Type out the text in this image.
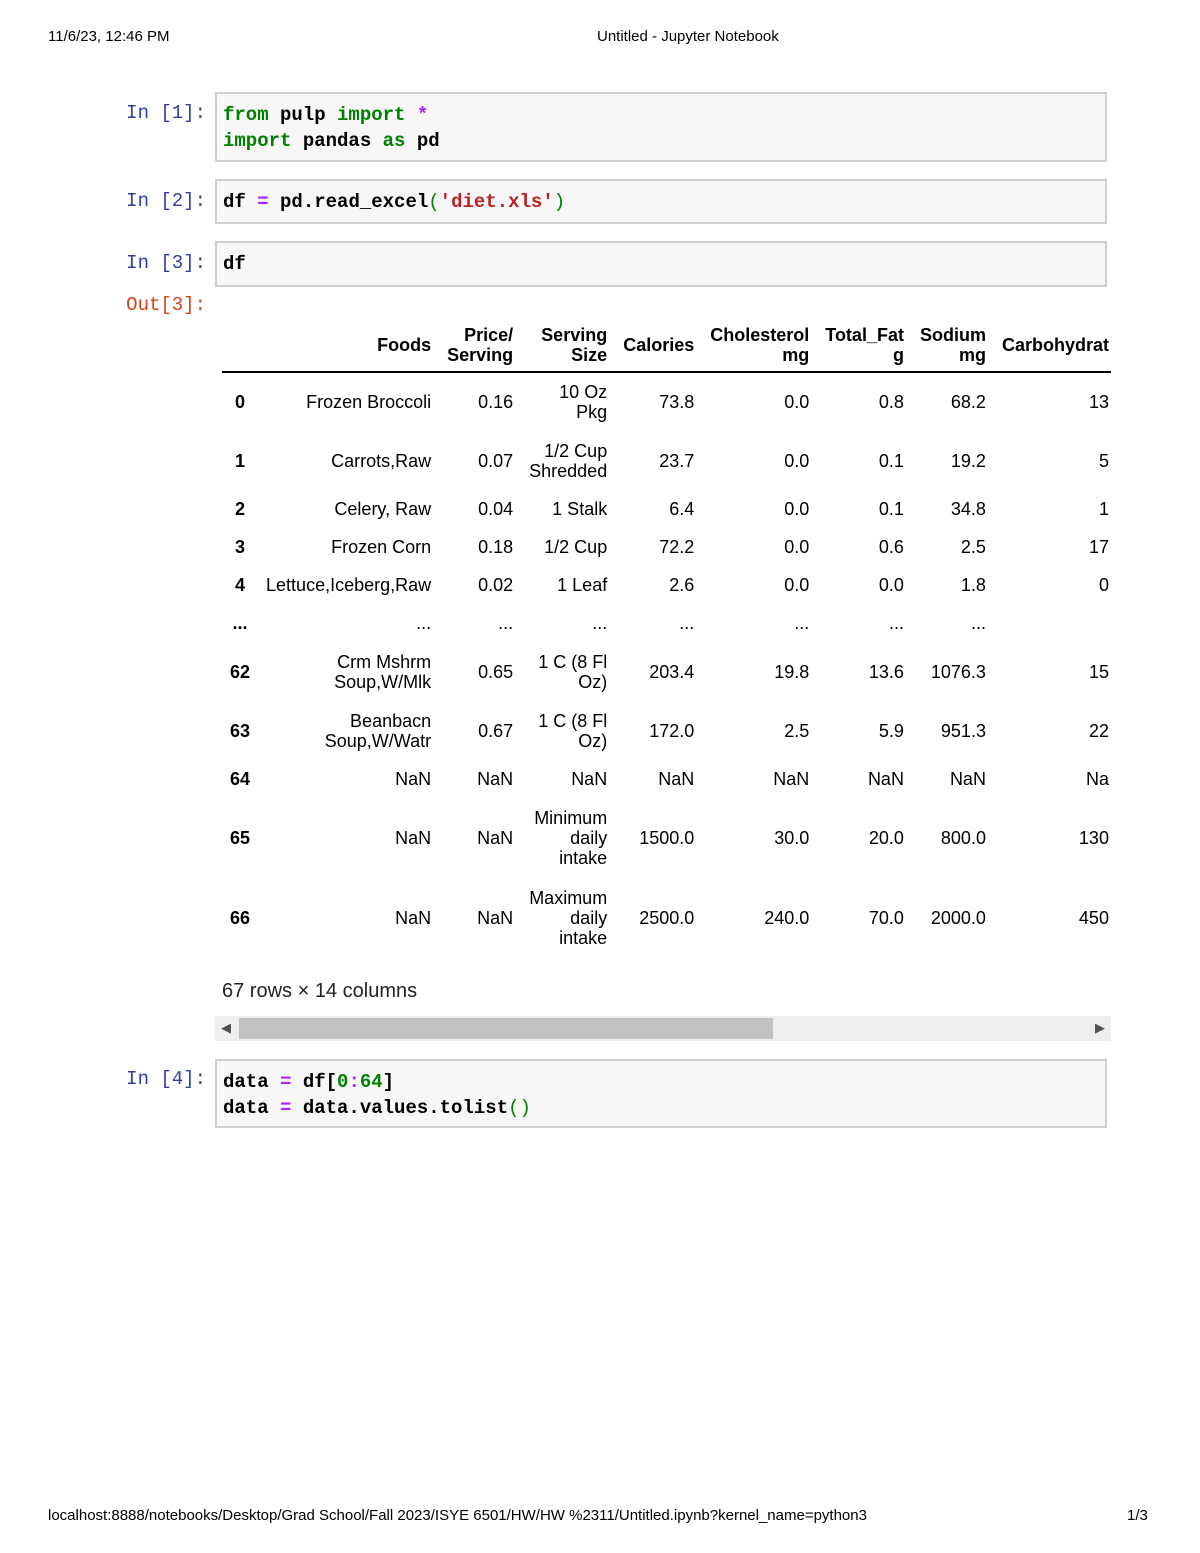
11/6/23, 12:46 PM	Untitled - Jupyter Notebook
In [1]: from pulp import *
import pandas as pd
In [2]: df = pd.read_excel('diet.xls')
In [3]: df
Out[3]:
	Foods	Price/ Serving	Serving Size	Calories	Cholesterol mg	Total_Fat g	Sodium mg	Carbohydrat
0	Frozen Broccoli	0.16	10 Oz Pkg	73.8	0.0	0.8	68.2	13
1	Carrots,Raw	0.07	1/2 Cup Shredded	23.7	0.0	0.1	19.2	5
2	Celery, Raw	0.04	1 Stalk	6.4	0.0	0.1	34.8	1
3	Frozen Corn	0.18	1/2 Cup	72.2	0.0	0.6	2.5	17
4	Lettuce,Iceberg,Raw	0.02	1 Leaf	2.6	0.0	0.0	1.8	0
...	...	...	...	...	...	...	...	
62	Crm Mshrm Soup,W/Mlk	0.65	1 C (8 Fl Oz)	203.4	19.8	13.6	1076.3	15
63	Beanbacn Soup,W/Watr	0.67	1 C (8 Fl Oz)	172.0	2.5	5.9	951.3	22
64	NaN	NaN	NaN	NaN	NaN	NaN	NaN	Na
65	NaN	NaN	Minimum daily intake	1500.0	30.0	20.0	800.0	130
66	NaN	NaN	Maximum daily intake	2500.0	240.0	70.0	2000.0	450
67 rows × 14 columns
◀	▶
In [4]: data = df[0:64]
data = data.values.tolist()
localhost:8888/notebooks/Desktop/Grad School/Fall 2023/ISYE 6501/HW/HW %2311/Untitled.ipynb?kernel_name=python3	1/3
